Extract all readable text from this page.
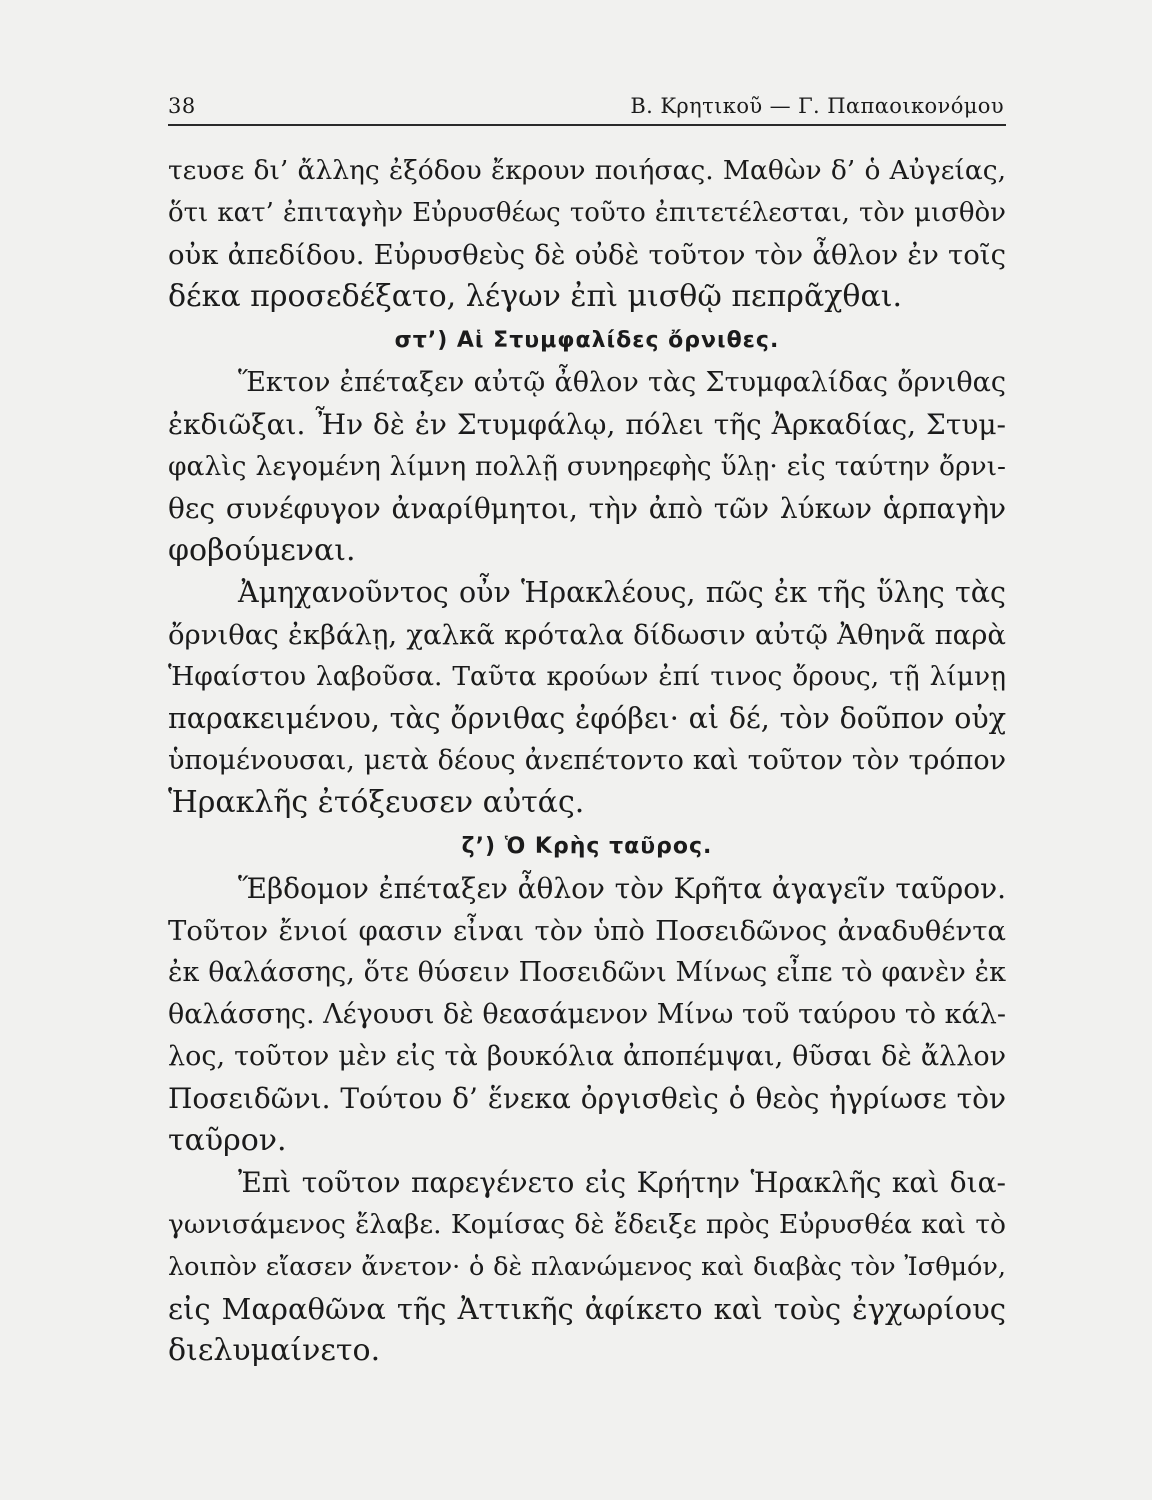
38	Β. Κρητικοῦ — Γ. Παπαοικονόμου
τευσε δι’ ἄλλης ἐξόδου ἔκρουν ποιήσας. Μαθὼν δ’ ὁ Αὐγείας,
ὅτι κατ’ ἐπιταγὴν Εὐρυσθέως τοῦτο ἐπιτετέλεσται, τὸν μισθὸν
οὐκ ἀπεδίδου. Εὐρυσθεὺς δὲ οὐδὲ τοῦτον τὸν ἆθλον ἐν τοῖς
δέκα προσεδέξατο, λέγων ἐπὶ μισθῷ πεπρᾶχθαι.
στ’) Αἱ Στυμφαλίδες ὄρνιθες.
Ἕκτον ἐπέταξεν αὐτῷ ἆθλον τὰς Στυμφαλίδας ὄρνιθας
ἐκδιῶξαι. Ἦν δὲ ἐν Στυμφάλῳ, πόλει τῆς Ἀρκαδίας, Στυμ-
φαλὶς λεγομένη λίμνη πολλῇ συνηρεφὴς ὕλῃ· εἰς ταύτην ὄρνι-
θες συνέφυγον ἀναρίθμητοι, τὴν ἀπὸ τῶν λύκων ἁρπαγὴν
φοβούμεναι.
Ἀμηχανοῦντος οὖν Ἡρακλέους, πῶς ἐκ τῆς ὕλης τὰς
ὄρνιθας ἐκβάλῃ, χαλκᾶ κρόταλα δίδωσιν αὐτῷ Ἀθηνᾶ παρὰ
Ἡφαίστου λαβοῦσα. Ταῦτα κρούων ἐπί τινος ὄρους, τῇ λίμνῃ
παρακειμένου, τὰς ὄρνιθας ἐφόβει· αἱ δέ, τὸν δοῦπον οὐχ
ὑπομένουσαι, μετὰ δέους ἀνεπέτοντο καὶ τοῦτον τὸν τρόπον
Ἡρακλῆς ἐτόξευσεν αὐτάς.
ζ’) Ὁ Κρὴς ταῦρος.
Ἕβδομον ἐπέταξεν ἆθλον τὸν Κρῆτα ἀγαγεῖν ταῦρον.
Τοῦτον ἔνιοί φασιν εἶναι τὸν ὑπὸ Ποσειδῶνος ἀναδυθέντα
ἐκ θαλάσσης, ὅτε θύσειν Ποσειδῶνι Μίνως εἶπε τὸ φανὲν ἐκ
θαλάσσης. Λέγουσι δὲ θεασάμενον Μίνω τοῦ ταύρου τὸ κάλ-
λος, τοῦτον μὲν εἰς τὰ βουκόλια ἀποπέμψαι, θῦσαι δὲ ἄλλον
Ποσειδῶνι. Τούτου δ’ ἕνεκα ὀργισθεὶς ὁ θεὸς ἠγρίωσε τὸν
ταῦρον.
Ἐπὶ τοῦτον παρεγένετο εἰς Κρήτην Ἡρακλῆς καὶ δια-
γωνισάμενος ἔλαβε. Κομίσας δὲ ἔδειξε πρὸς Εὐρυσθέα καὶ τὸ
λοιπὸν εἴασεν ἄνετον· ὁ δὲ πλανώμενος καὶ διαβὰς τὸν Ἰσθμόν,
εἰς Μαραθῶνα τῆς Ἀττικῆς ἀφίκετο καὶ τοὺς ἐγχωρίους
διελυμαίνετο.
